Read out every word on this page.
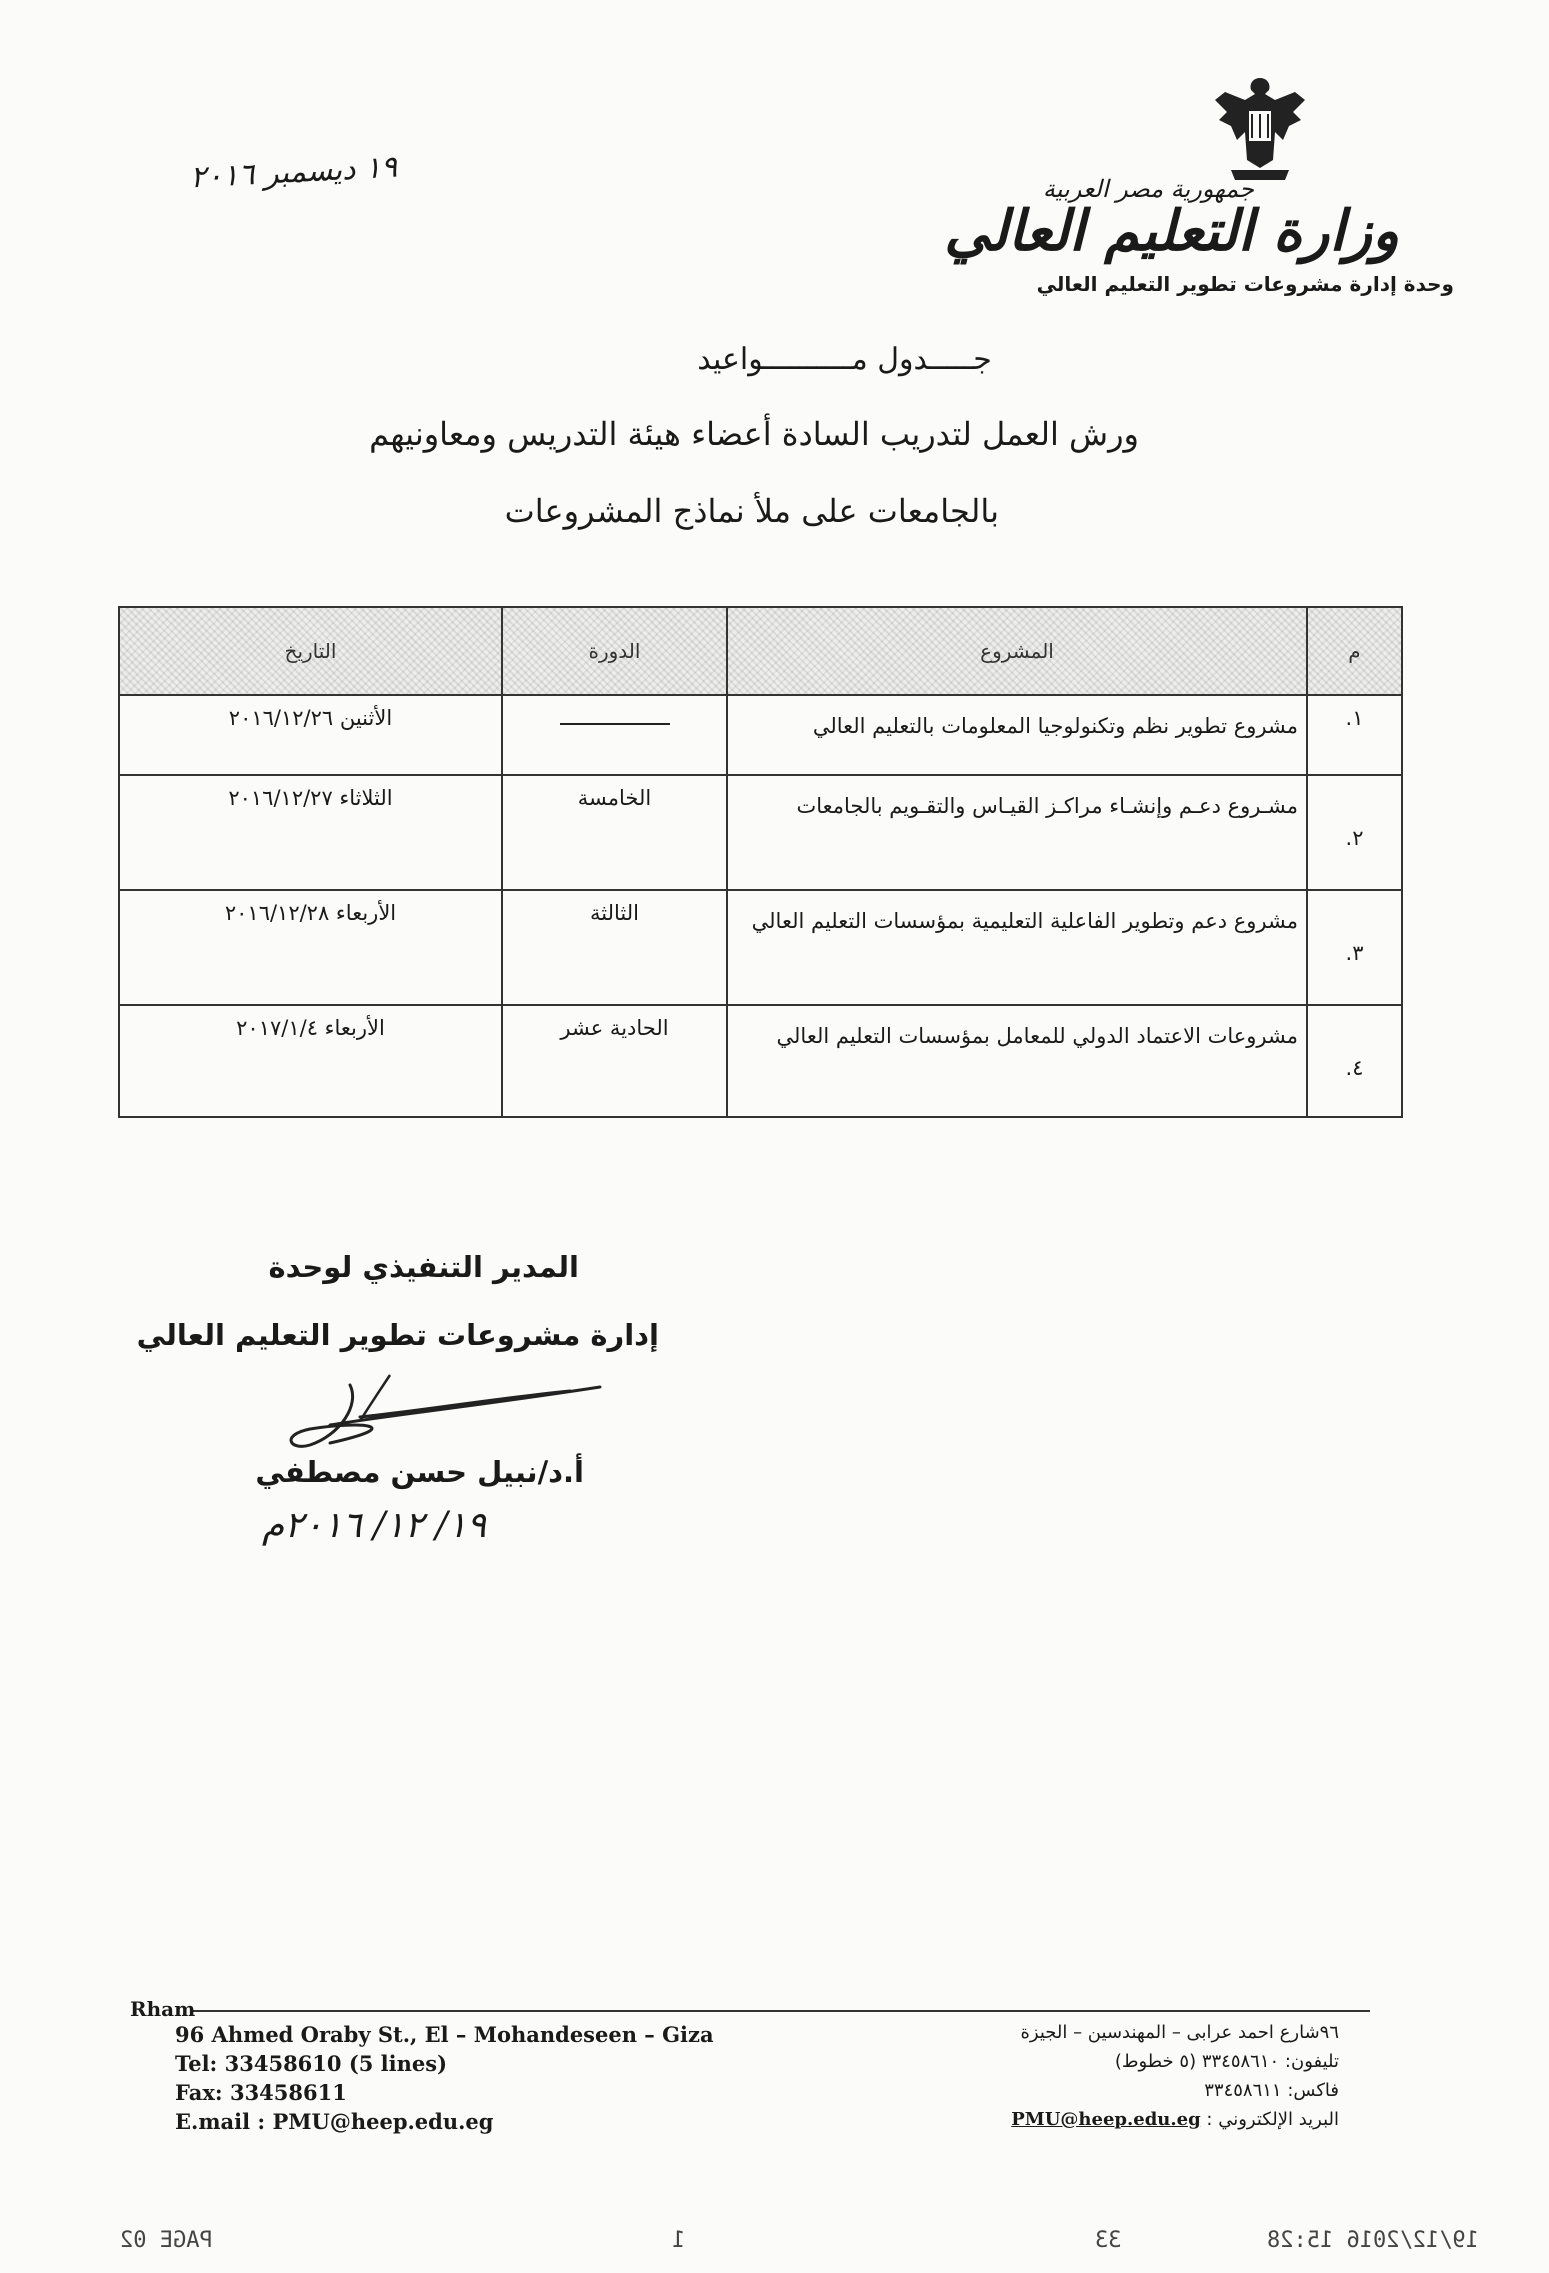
جمهورية مصر العربية
وزارة التعليم العالي
وحدة إدارة مشروعات تطوير التعليم العالي
١٩ ديسمبر ٢٠١٦
جـــــدول مــــــــــواعيد
ورش العمل لتدريب السادة أعضاء هيئة التدريس ومعاونيهم
بالجامعات على ملأ نماذج المشروعات
م	المشروع	الدورة	التاريخ
١.	مشروع تطوير نظم وتكنولوجيا المعلومات بالتعليم العالي		الأثنين ٢٠١٦/١٢/٢٦
٢.	مشـروع دعـم وإنشـاء مراكـز القيـاس والتقـويم بالجامعات	الخامسة	الثلاثاء ٢٠١٦/١٢/٢٧
٣.	مشروع دعم وتطوير الفاعلية التعليمية بمؤسسات التعليم العالي	الثالثة	الأربعاء ٢٠١٦/١٢/٢٨
٤.	مشروعات الاعتماد الدولي للمعامل بمؤسسات التعليم العالي	الحادية عشر	الأربعاء ٢٠١٧/١/٤
المدير التنفيذي لوحدة
إدارة مشروعات تطوير التعليم العالي
أ.د/نبيل حسن مصطفي
١٩/ ١٢/ ٢٠١٦م
Rham
96 Ahmed Oraby St., El – Mohandeseen – Giza
Tel: 33458610 (5 lines)
Fax: 33458611
E.mail : PMU@heep.edu.eg
٩٦شارع احمد عرابى – المهندسين – الجيزة
تليفون: ٣٣٤٥٨٦١٠ (٥ خطوط)
فاكس: ٣٣٤٥٨٦١١
البريد الإلكتروني : PMU@heep.edu.eg
19/12/2016 15:28
33
1
PAGE 02
